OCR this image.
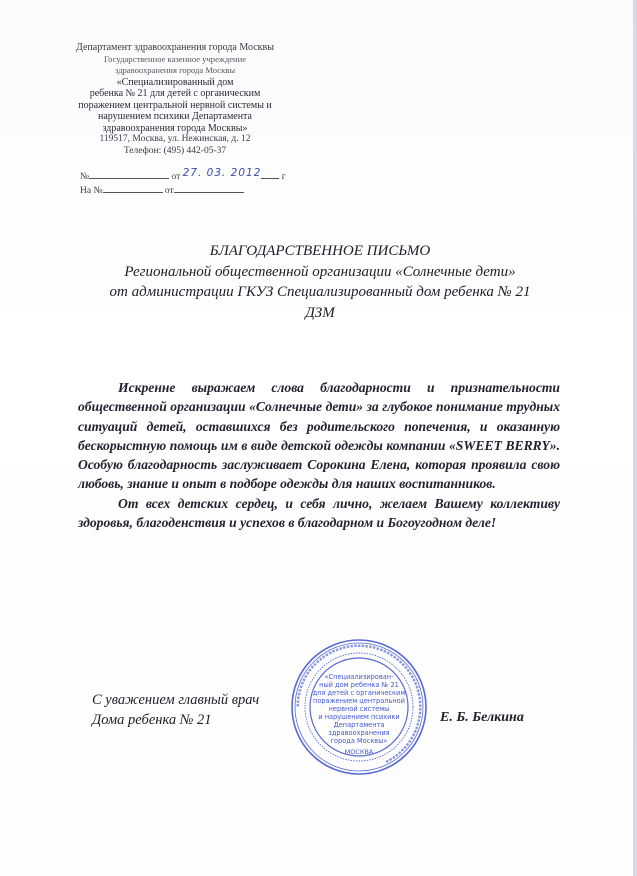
Департамент здравоохранения города Москвы
Государственное казенное учреждение
здравоохранения города Москвы
«Специализированный дом
ребенка № 21 для детей с органическим
поражением центральной нервной системы и
нарушением психики Департамента
здравоохранения города Москвы»
119517, Москва, ул. Нежинская, д. 12
Телефон: (495) 442-05-37
№	от 27. 03. 2012 г
На №	от
БЛАГОДАРСТВЕННОЕ ПИСЬМО
Региональной общественной организации «Солнечные дети»
от администрации ГКУЗ Специализированный дом ребенка № 21
ДЗМ

Искренне выражаем слова благодарности и признательности общественной организации «Солнечные дети» за глубокое понимание трудных ситуаций детей, оставшихся без родительского попечения, и оказанную бескорыстную помощь им в виде детской одежды компании «SWEET BERRY». Особую благодарность заслуживает Сорокина Елена, которая проявила свою любовь, знание и опыт в подборе одежды для наших воспитанников.

От всех детских сердец, и себя лично, желаем Вашему коллективу здоровья, благоденствия и успехов в благодарном и Богоугодном деле!

С уважением главный врач
Дома ребенка № 21	Е. Б. Белкина
▪▪▪▪▪▪▪▪▪▪▪▪▪▪▪▪▪▪▪▪▪▪▪▪▪▪▪▪▪▪▪▪▪▪▪▪▪▪▪▪▪▪▪▪▪▪▪▪▪▪▪▪▪▪▪▪▪▪▪▪▪▪▪▪▪▪▪▪▪
«Специализирован-
ный дом ребенка № 21
для детей с органическим
поражением центральной
нервной системы
и нарушением психики
Департамента
здравоохранения
города Москвы»
МОСКВА
